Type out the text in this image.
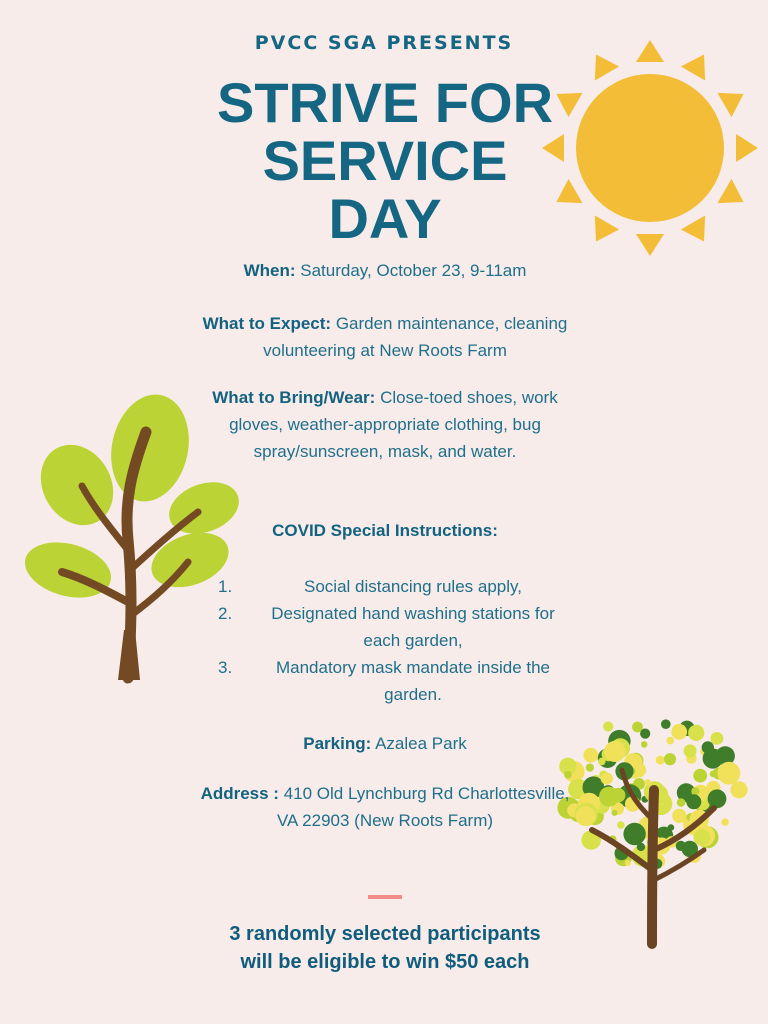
PVCC SGA PRESENTS
STRIVE FOR
SERVICE
DAY
When: Saturday, October 23, 9-11am
What to Expect: Garden maintenance, cleaning volunteering at New Roots Farm
What to Bring/Wear: Close-toed shoes, work gloves, weather-appropriate clothing, bug spray/sunscreen, mask, and water.
COVID Special Instructions:
1.	Social distancing rules apply,
2.	Designated hand washing stations for each garden,
3.	Mandatory mask mandate inside the garden.
Parking: Azalea Park
Address : 410 Old Lynchburg Rd Charlottesville, VA 22903 (New Roots Farm)
3 randomly selected participants
will be eligible to win $50 each
